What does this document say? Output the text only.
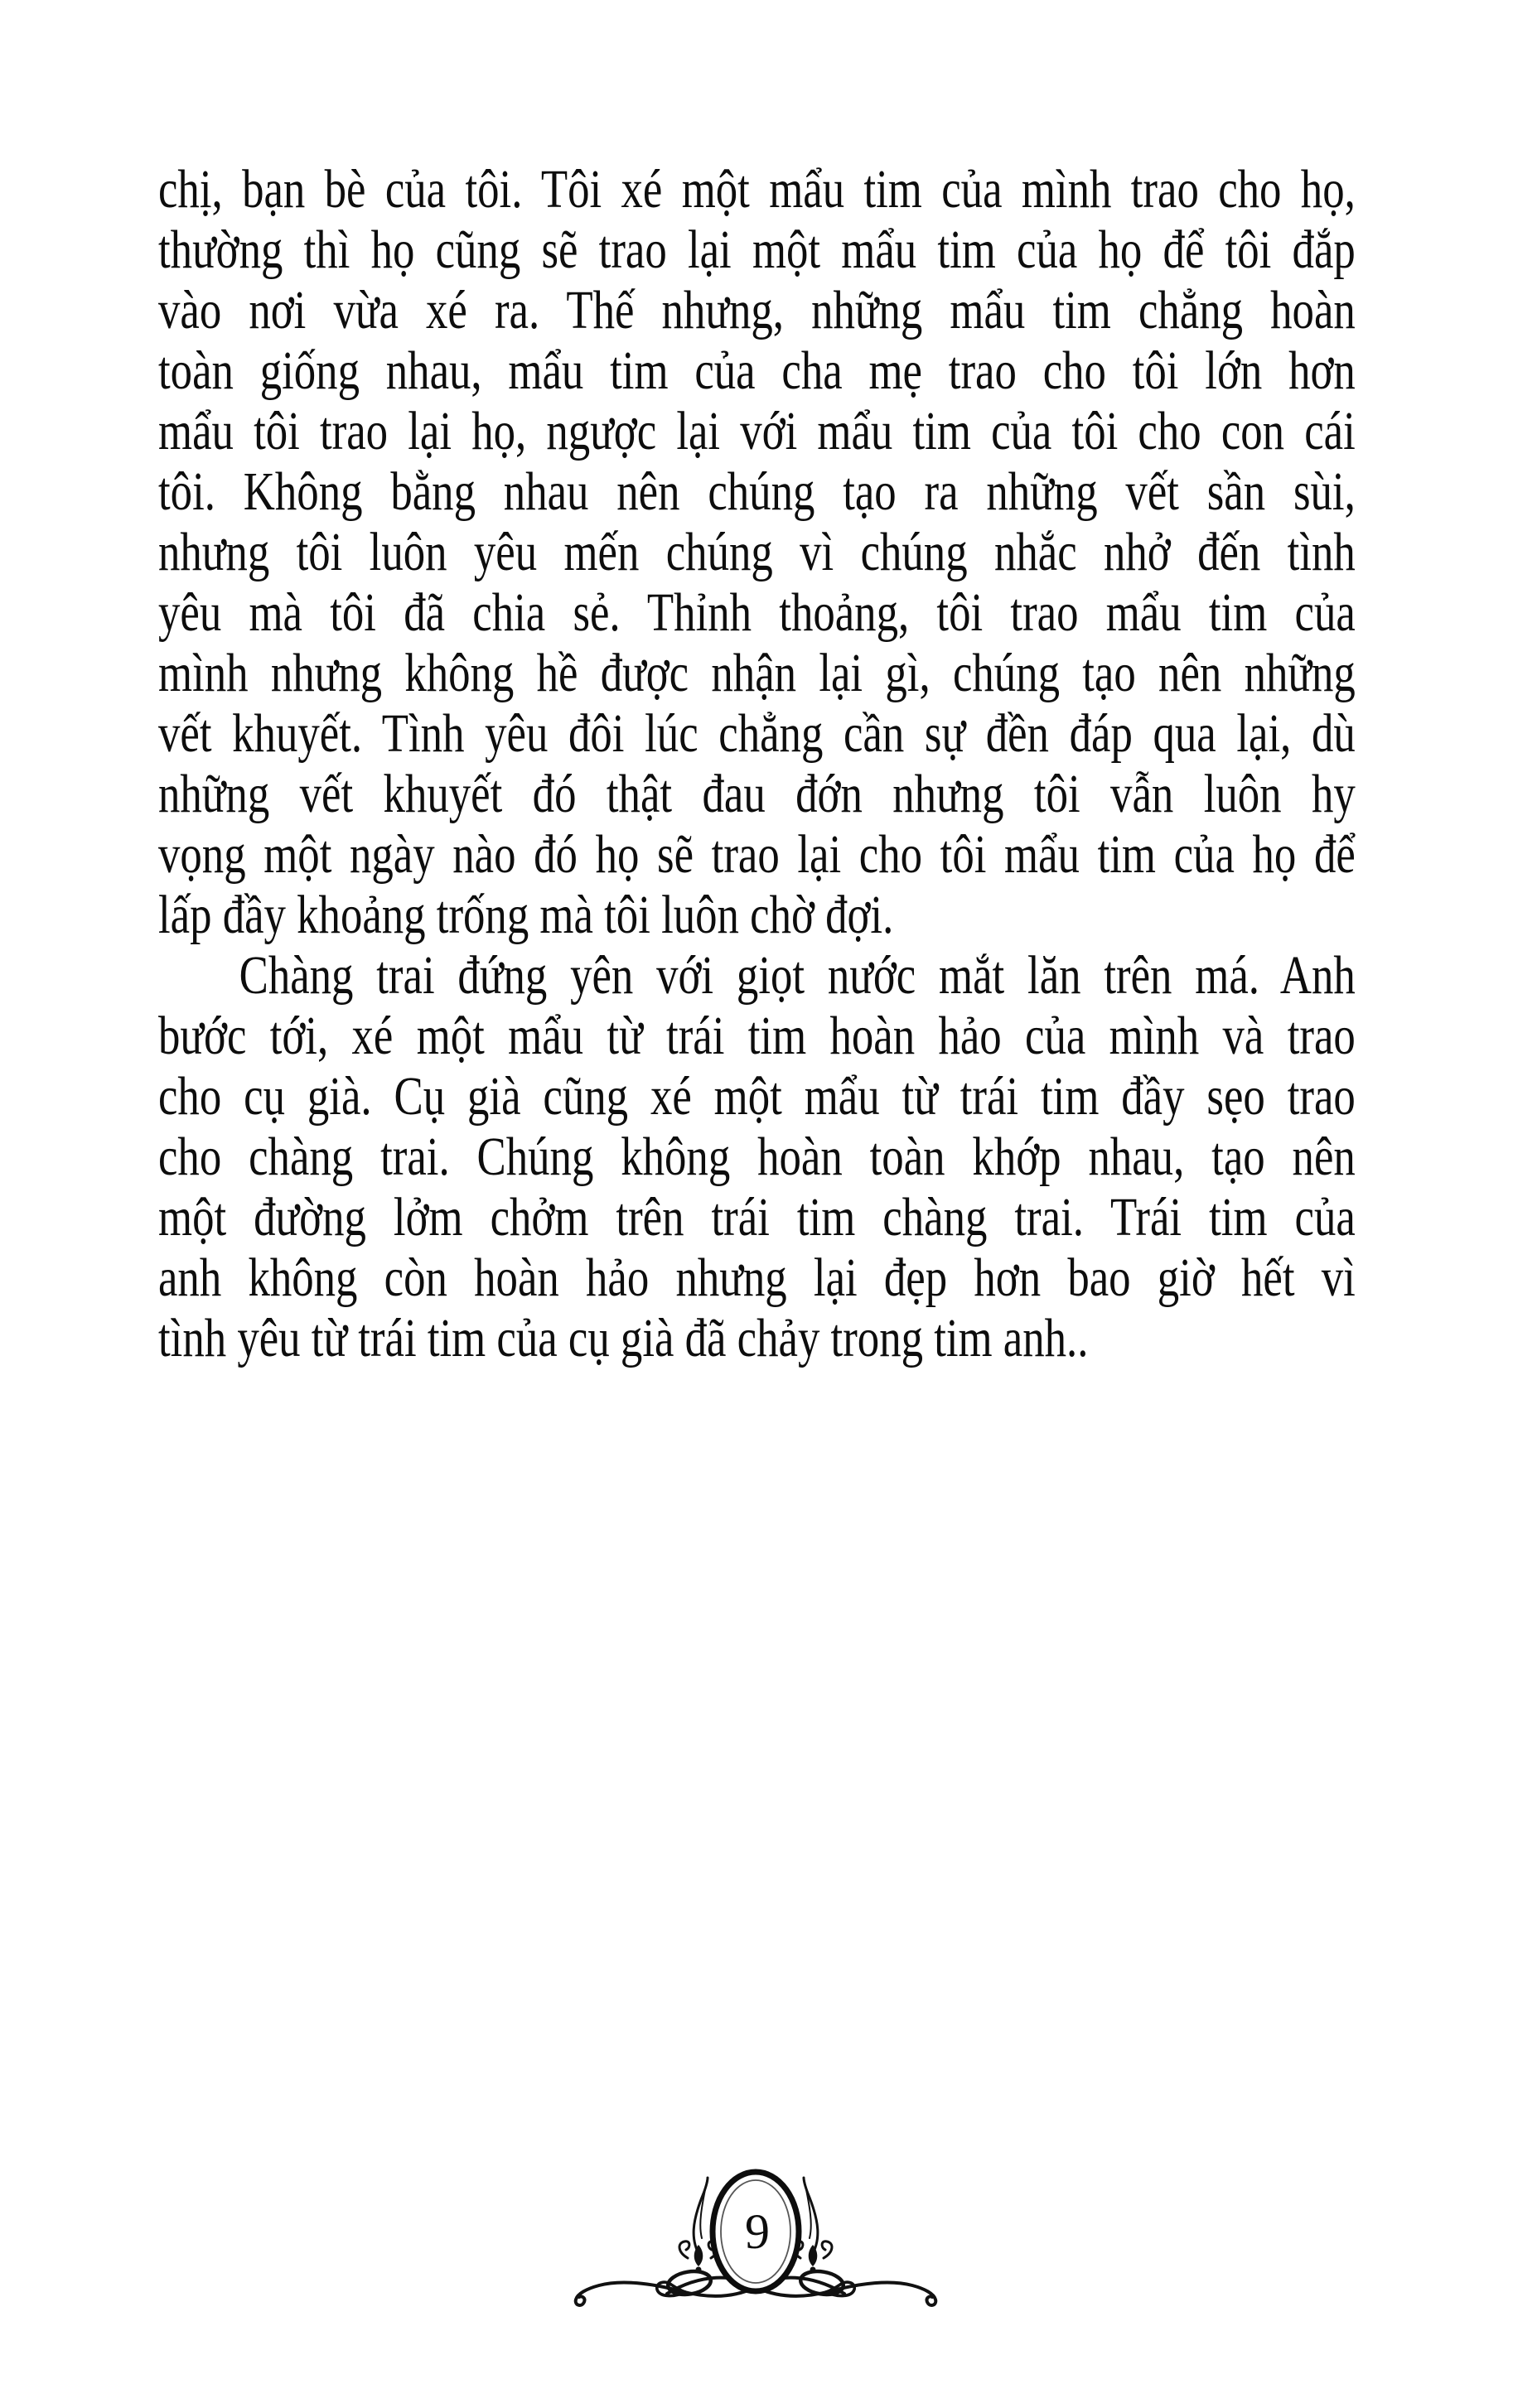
chị, bạn bè của tôi. Tôi xé một mẩu tim của mình trao cho họ,
thường thì họ cũng sẽ trao lại một mẩu tim của họ để tôi đắp
vào nơi vừa xé ra. Thế nhưng, những mẩu tim chẳng hoàn
toàn giống nhau, mẩu tim của cha mẹ trao cho tôi lớn hơn
mẩu tôi trao lại họ, ngược lại với mẩu tim của tôi cho con cái
tôi. Không bằng nhau nên chúng tạo ra những vết sần sùi,
nhưng tôi luôn yêu mến chúng vì chúng nhắc nhở đến tình
yêu mà tôi đã chia sẻ. Thỉnh thoảng, tôi trao mẩu tim của
mình nhưng không hề được nhận lại gì, chúng tạo nên những
vết khuyết. Tình yêu đôi lúc chẳng cần sự đền đáp qua lại, dù
những vết khuyết đó thật đau đớn nhưng tôi vẫn luôn hy
vọng một ngày nào đó họ sẽ trao lại cho tôi mẩu tim của họ để
lấp đầy khoảng trống mà tôi luôn chờ đợi.
Chàng trai đứng yên với giọt nước mắt lăn trên má. Anh
bước tới, xé một mẩu từ trái tim hoàn hảo của mình và trao
cho cụ già. Cụ già cũng xé một mẩu từ trái tim đầy sẹo trao
cho chàng trai. Chúng không hoàn toàn khớp nhau, tạo nên
một đường lởm chởm trên trái tim chàng trai. Trái tim của
anh không còn hoàn hảo nhưng lại đẹp hơn bao giờ hết vì
tình yêu từ trái tim của cụ già đã chảy trong tim anh..
9
